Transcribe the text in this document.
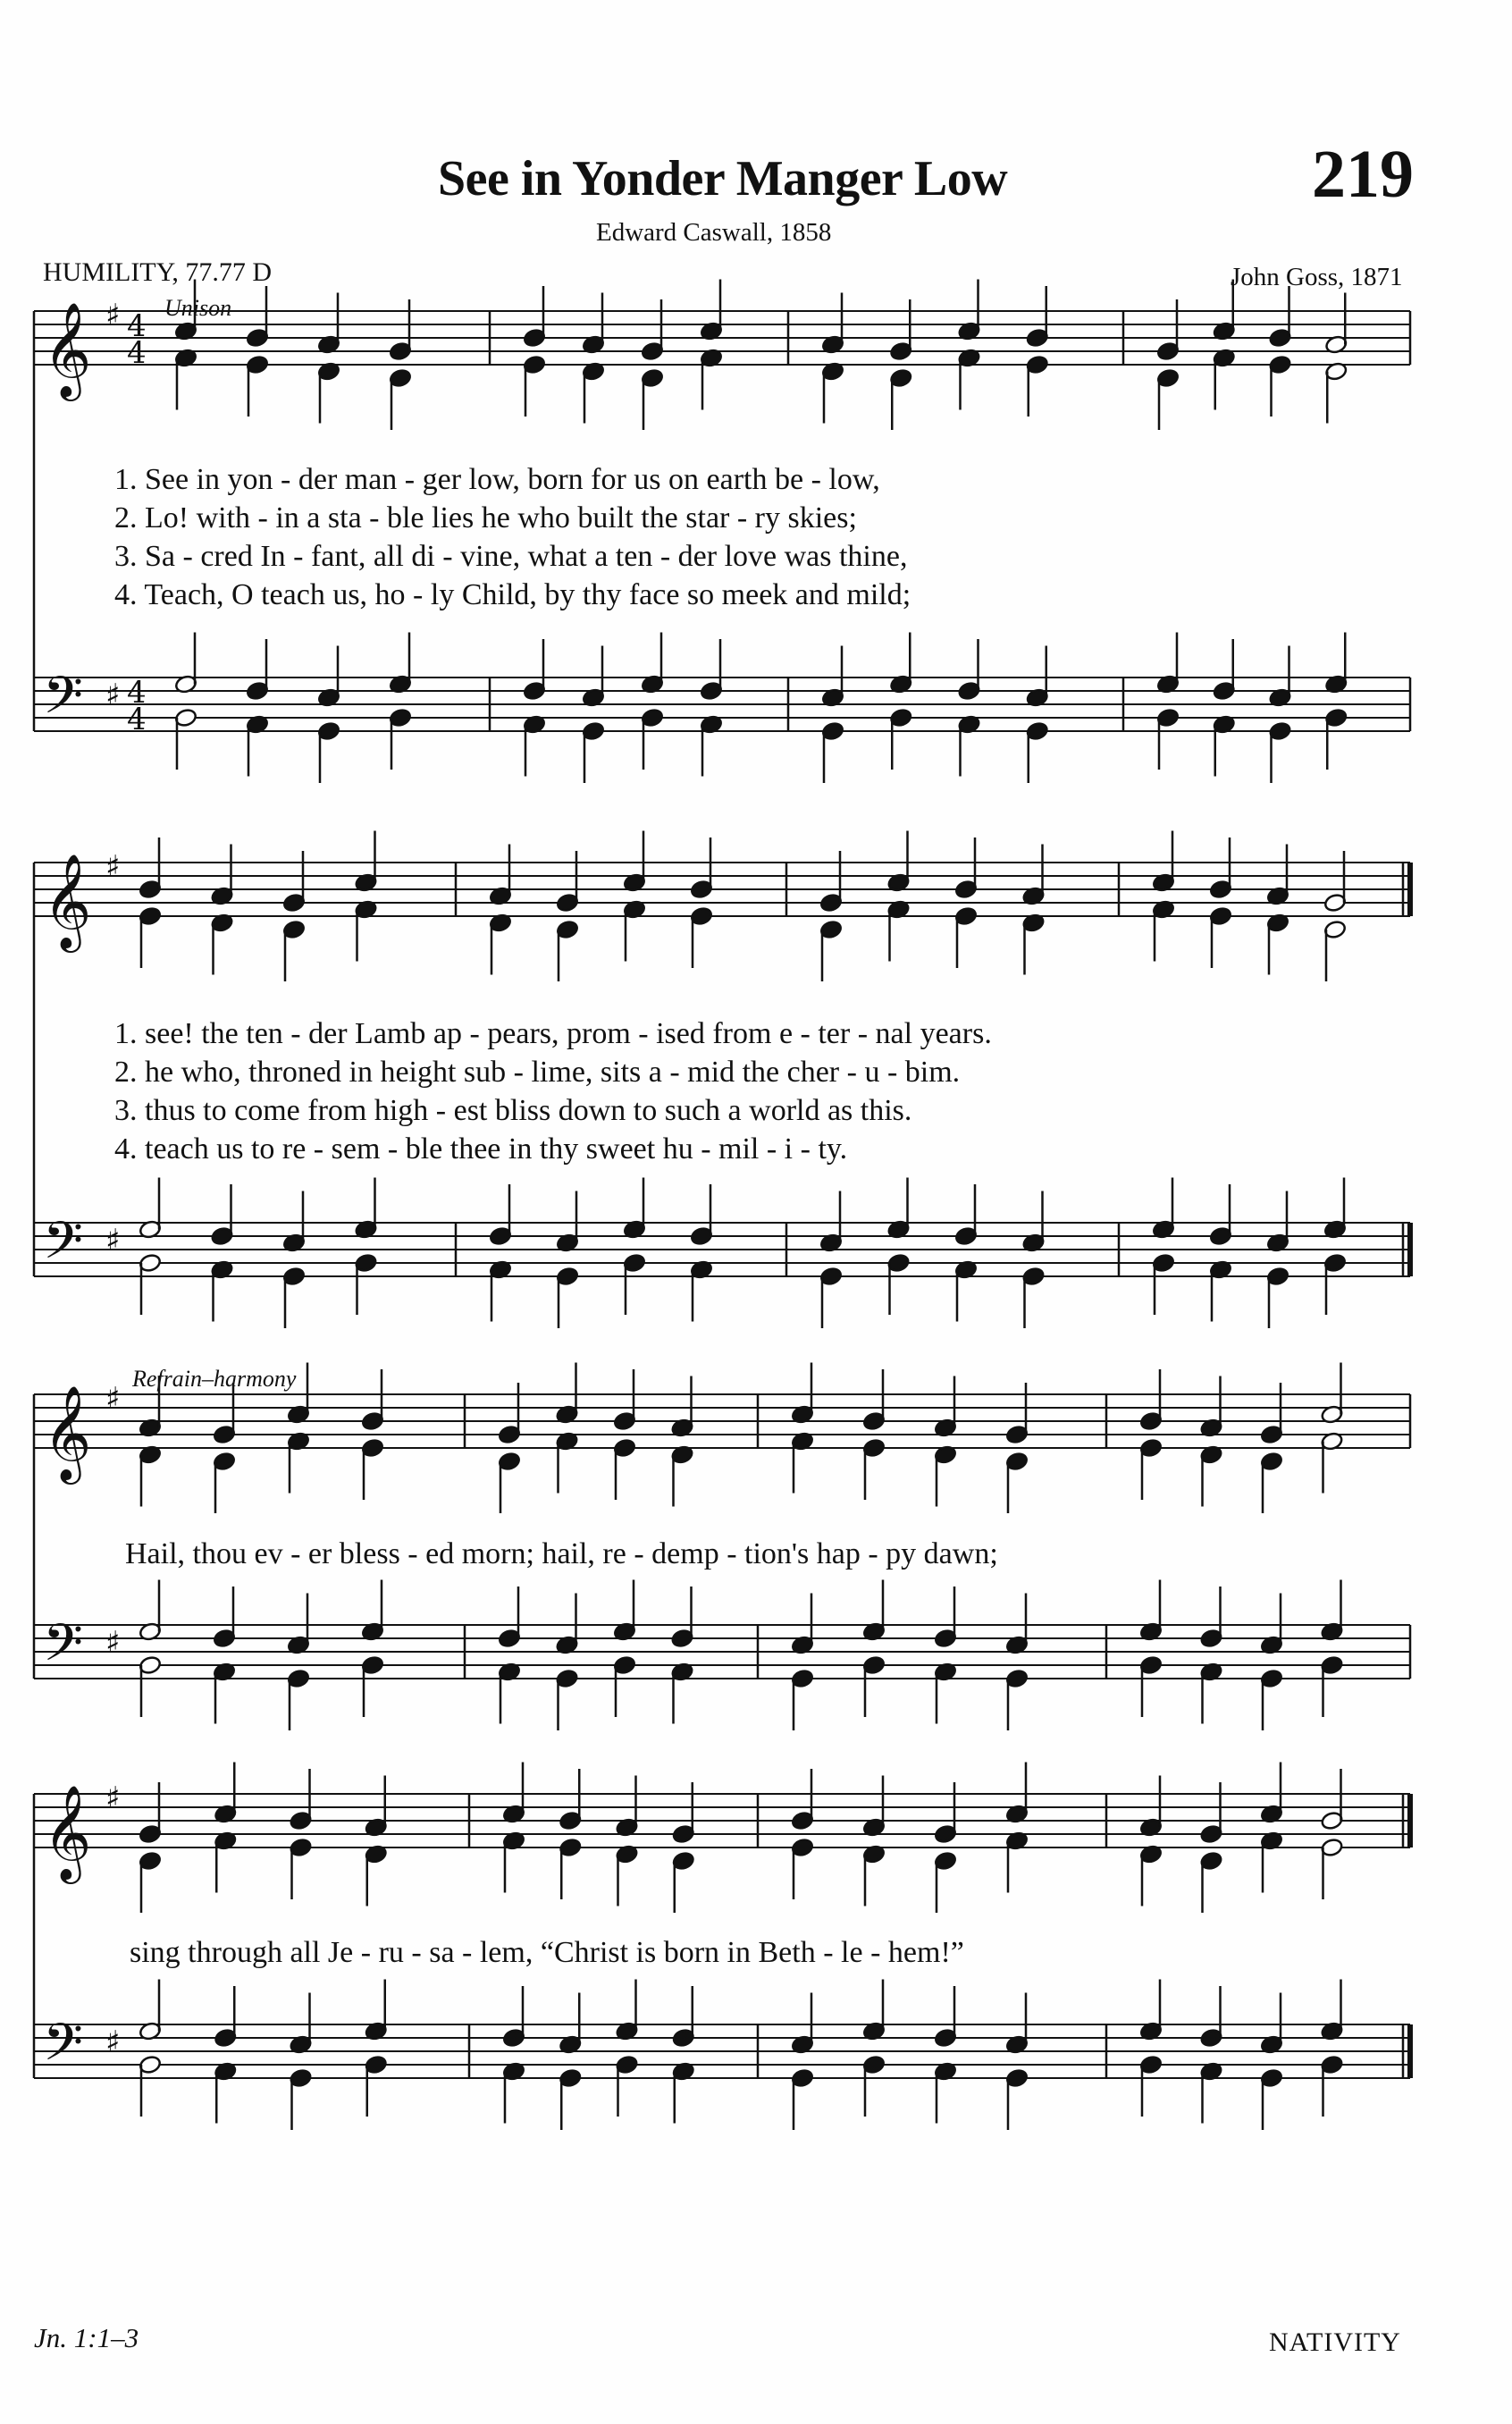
See in Yonder Manger Low	219
Edward Caswall, 1858
HUMILITY, 77.77 D	John Goss, 1871
Unison
Refrain–harmony
𝄞
𝄢
♯
♯
4
4
4
4
𝄞
𝄢
♯
♯
𝄞
𝄢
♯
♯
𝄞
𝄢
♯
♯
1. See in yon - der man - ger low, born for us on earth be - low,
2. Lo! with - in a sta - ble lies he who built the star - ry skies;
3. Sa - cred In - fant, all di - vine, what a ten - der love was thine,
4. Teach, O teach us, ho - ly Child, by thy face so meek and mild;
1. see! the ten - der Lamb ap - pears, prom - ised from e - ter - nal years.
2. he who, throned in height sub - lime, sits a - mid the cher - u - bim.
3. thus to come from high - est bliss down to such a world as this.
4. teach us to re - sem - ble thee in thy sweet hu - mil - i - ty.
Hail, thou ev - er bless - ed morn; hail, re - demp - tion's hap - py dawn;
sing through all Je - ru - sa - lem, “Christ is born in Beth - le - hem!”
Jn. 1:1–3	NATIVITY
